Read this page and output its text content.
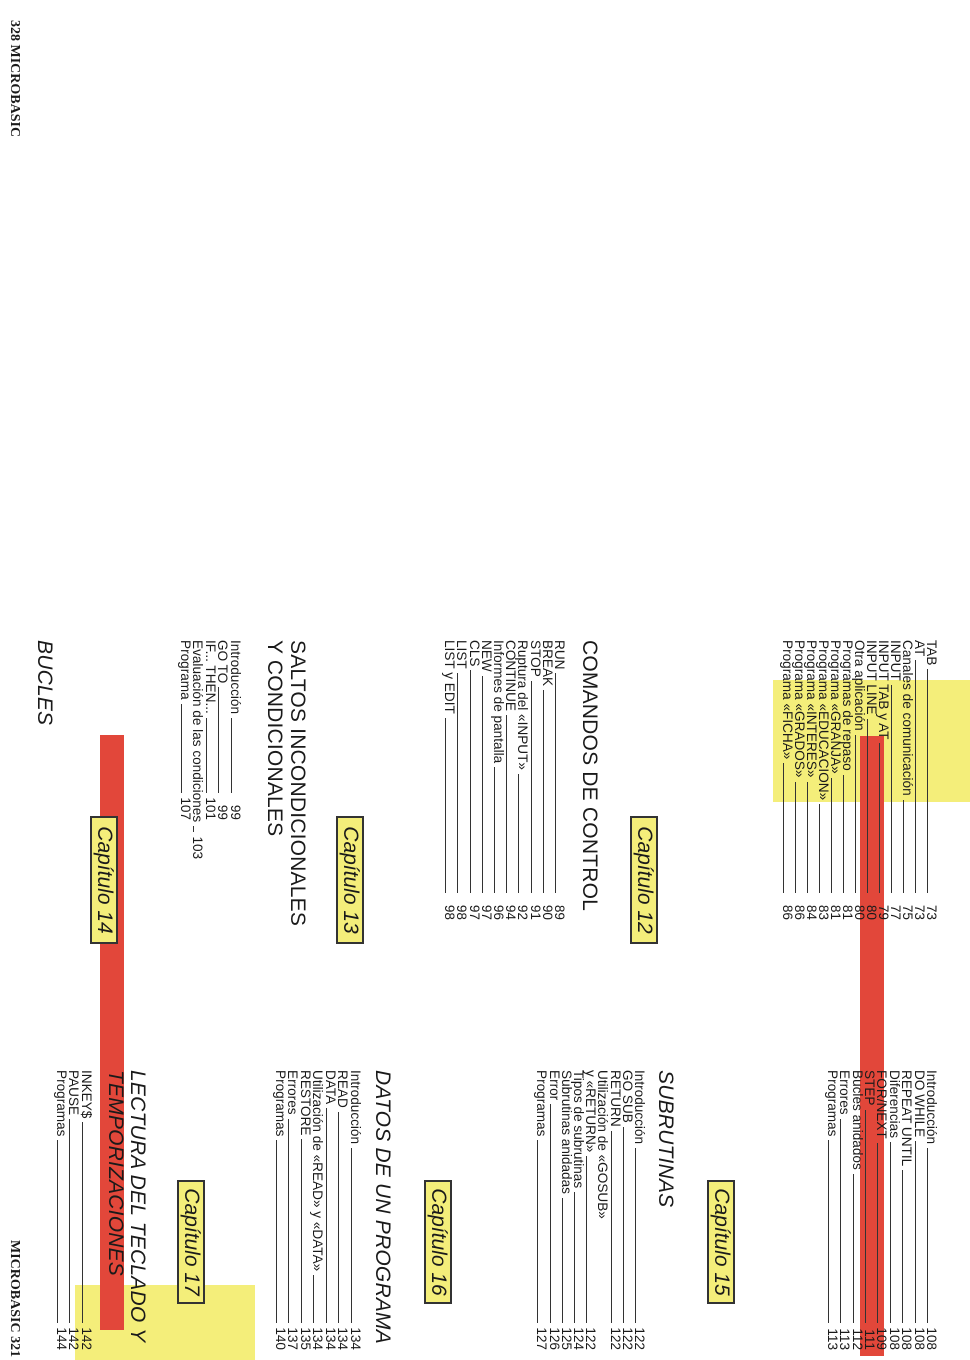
TAB
73
AT
73
Canales de comunicación
75
INPUT
77
INPUT TAB y AT
79
INPUT LINE
80
Otra aplicación
80
Programas de repaso
81
Programa «GRANJA»
81
Programa «EDUCACION»
83
Programa «INTERES»
84
Programa «GRADOS»
86
Programa «FICHA»
86
Capítulo 12
COMANDOS DE CONTROL
RUN
89
BREAK
90
STOP
91
Ruptura del «INPUT»
92
CONTINUE
94
Informes de pantalla
96
NEW
97
CLS
97
LIST
98
LIST y EDIT
98
Capítulo 13
SALTOS INCONDICIONALES
Y CONDICIONALES
Introducción
99
GO TO
99
IF... THEN...
101
Evaluación de las condiciones
103
Programa
107
Capítulo 14
BUCLES
Introducción
108
DO WHILE
108
REPEAT UNTIL
108
Diferencias
108
FOR/NEXT
109
STEP
111
Bucles anidados
112
Errores
113
Programas
113
Capítulo 15
SUBRUTINAS
Introducción
122
GO SUB
122
RETURN
122
Utilización de «GOSUB»
y «RETURN»
122
Tipos de subrutinas
124
Subrutinas anidadas
125
Error
126
Programas
127
Capítulo 16
DATOS DE UN PROGRAMA
Introducción
134
READ
134
DATA
134
Utilización de «READ» y «DATA»
134
RESTORE
135
Errores
137
Programas
140
Capítulo 17
LECTURA DEL TECLADO Y
TEMPORIZACIONES
INKEY$
142
PAUSE
142
Programas
144
328 MICROBASIC
MICROBASIC 321
